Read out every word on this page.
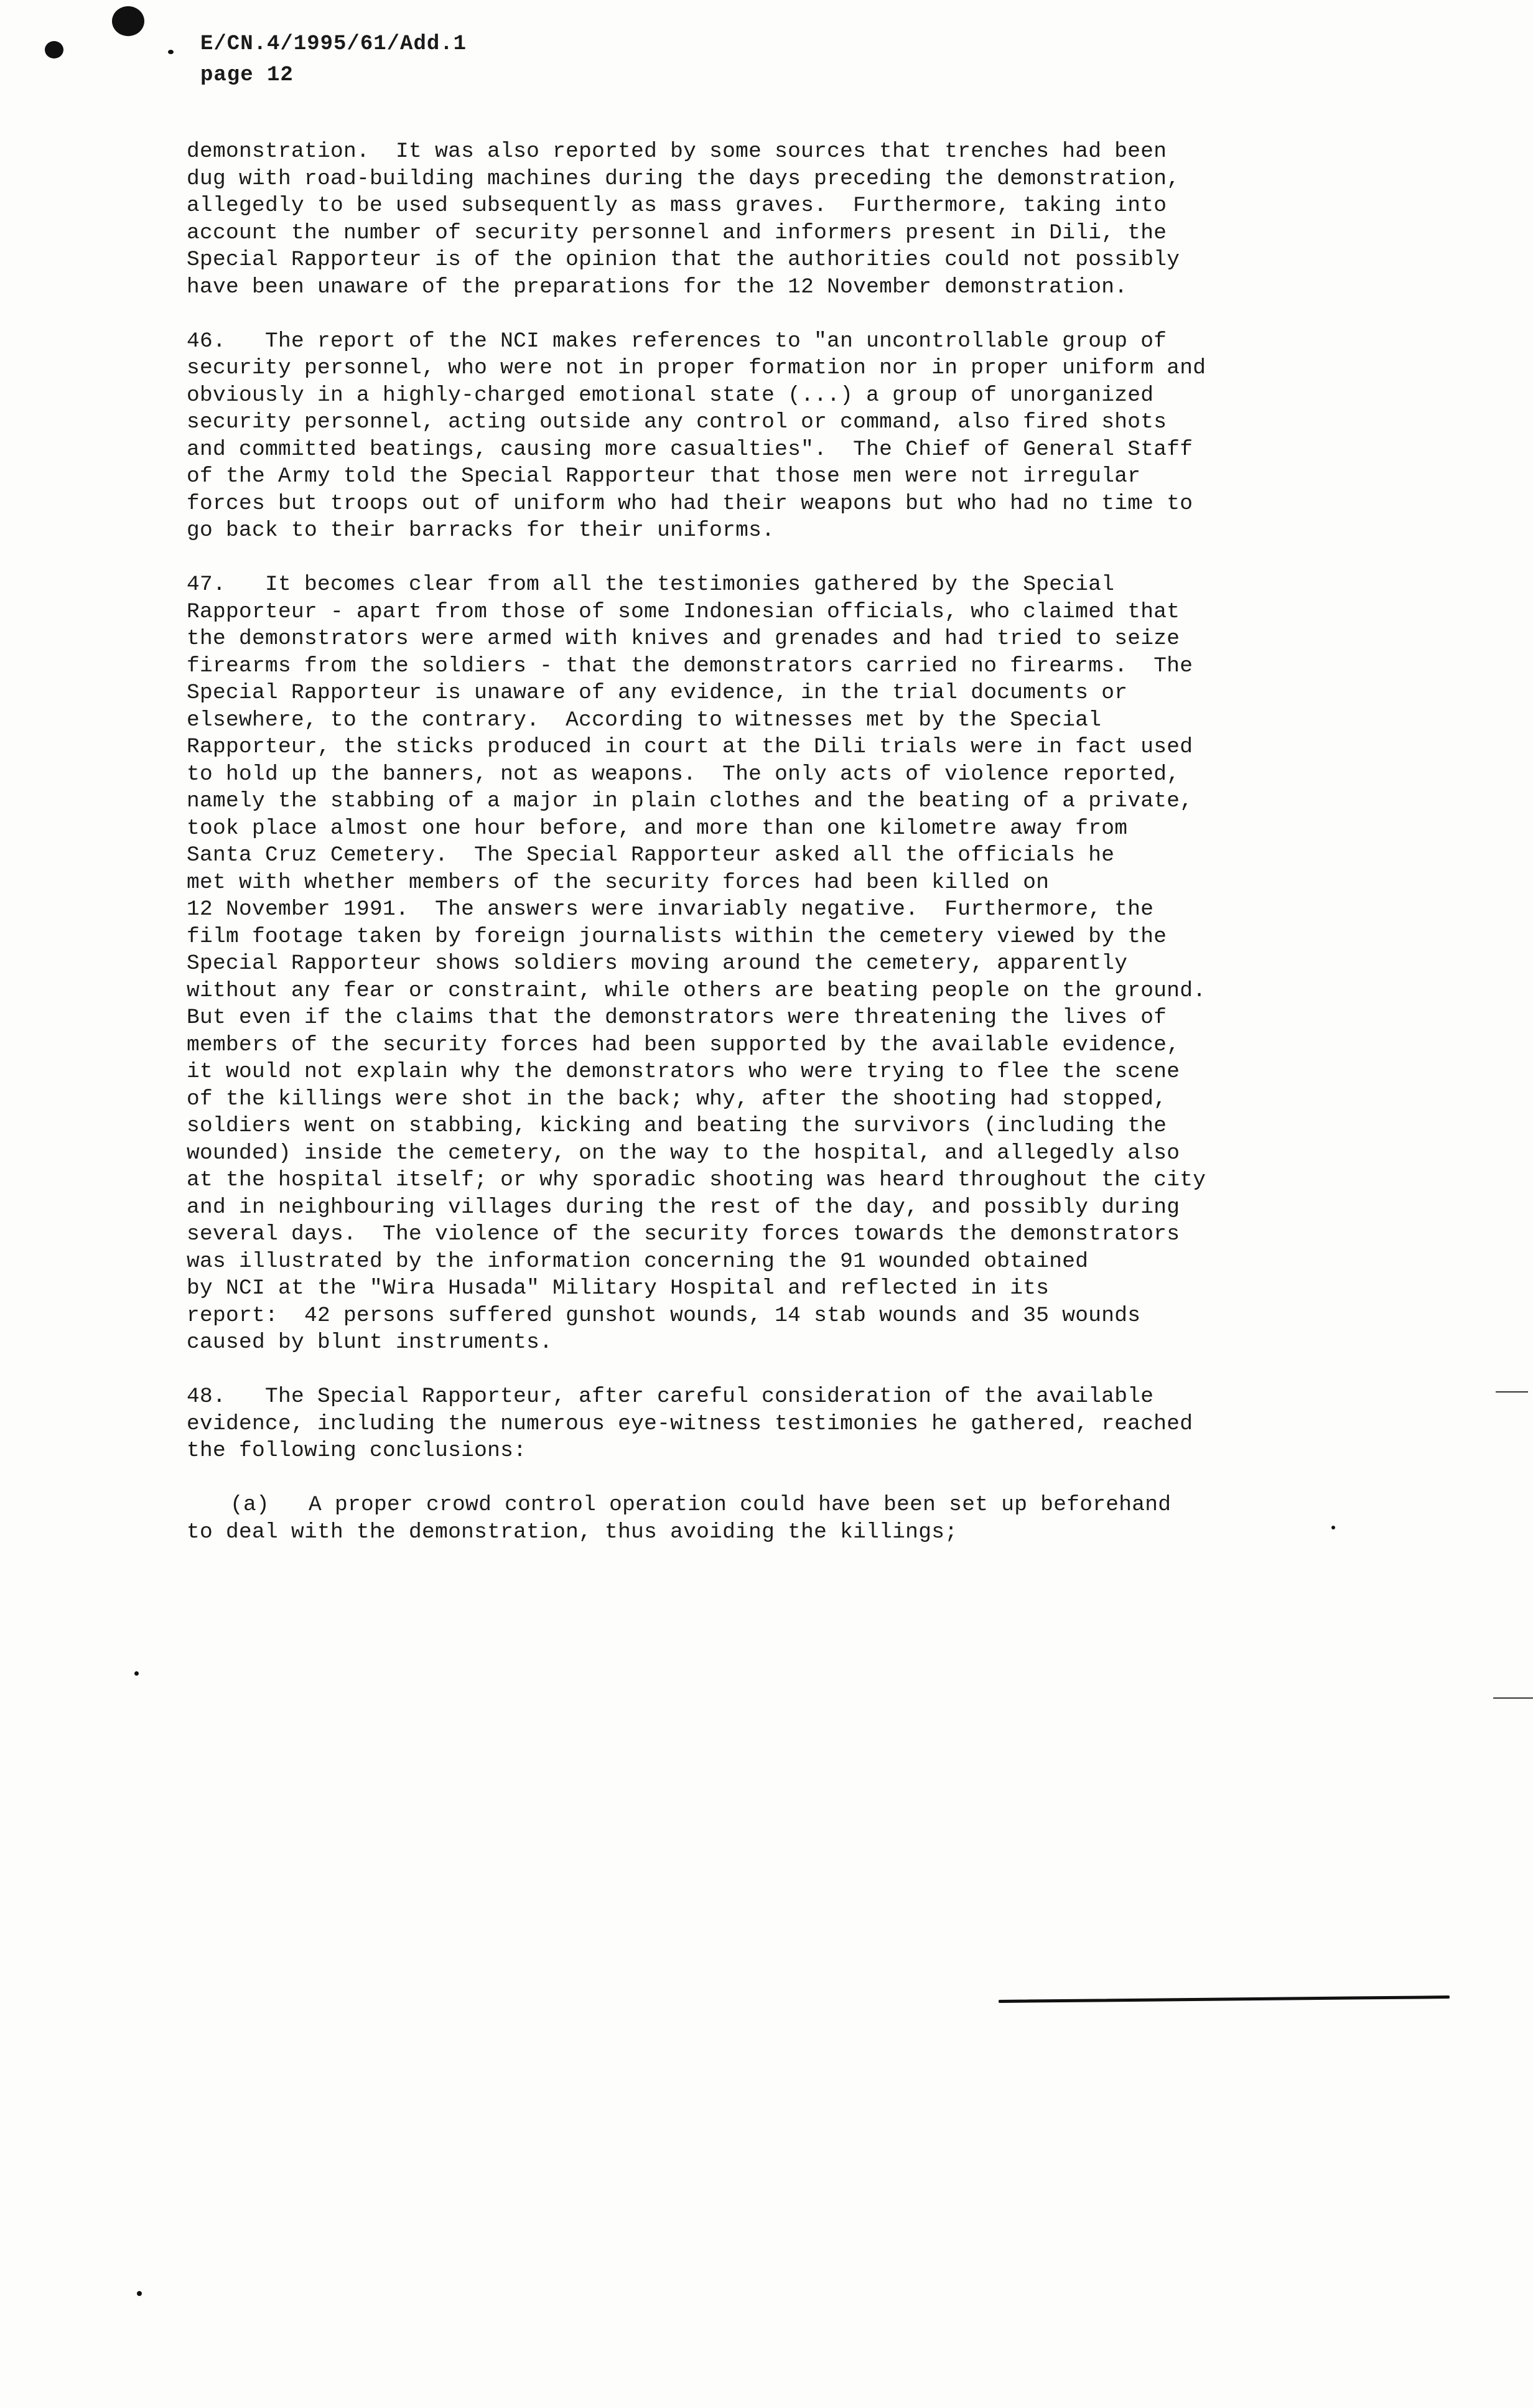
E/CN.4/1995/61/Add.1
page 12
demonstration.  It was also reported by some sources that trenches had been
dug with road-building machines during the days preceding the demonstration,
allegedly to be used subsequently as mass graves.  Furthermore, taking into
account the number of security personnel and informers present in Dili, the
Special Rapporteur is of the opinion that the authorities could not possibly
have been unaware of the preparations for the 12 November demonstration.
46.   The report of the NCI makes references to "an uncontrollable group of
security personnel, who were not in proper formation nor in proper uniform and
obviously in a highly-charged emotional state (...) a group of unorganized
security personnel, acting outside any control or command, also fired shots
and committed beatings, causing more casualties".  The Chief of General Staff
of the Army told the Special Rapporteur that those men were not irregular
forces but troops out of uniform who had their weapons but who had no time to
go back to their barracks for their uniforms.
47.   It becomes clear from all the testimonies gathered by the Special
Rapporteur - apart from those of some Indonesian officials, who claimed that
the demonstrators were armed with knives and grenades and had tried to seize
firearms from the soldiers - that the demonstrators carried no firearms.  The
Special Rapporteur is unaware of any evidence, in the trial documents or
elsewhere, to the contrary.  According to witnesses met by the Special
Rapporteur, the sticks produced in court at the Dili trials were in fact used
to hold up the banners, not as weapons.  The only acts of violence reported,
namely the stabbing of a major in plain clothes and the beating of a private,
took place almost one hour before, and more than one kilometre away from
Santa Cruz Cemetery.  The Special Rapporteur asked all the officials he
met with whether members of the security forces had been killed on
12 November 1991.  The answers were invariably negative.  Furthermore, the
film footage taken by foreign journalists within the cemetery viewed by the
Special Rapporteur shows soldiers moving around the cemetery, apparently
without any fear or constraint, while others are beating people on the ground.
But even if the claims that the demonstrators were threatening the lives of
members of the security forces had been supported by the available evidence,
it would not explain why the demonstrators who were trying to flee the scene
of the killings were shot in the back; why, after the shooting had stopped,
soldiers went on stabbing, kicking and beating the survivors (including the
wounded) inside the cemetery, on the way to the hospital, and allegedly also
at the hospital itself; or why sporadic shooting was heard throughout the city
and in neighbouring villages during the rest of the day, and possibly during
several days.  The violence of the security forces towards the demonstrators
was illustrated by the information concerning the 91 wounded obtained
by NCI at the "Wira Husada" Military Hospital and reflected in its
report:  42 persons suffered gunshot wounds, 14 stab wounds and 35 wounds
caused by blunt instruments.
48.   The Special Rapporteur, after careful consideration of the available
evidence, including the numerous eye-witness testimonies he gathered, reached
the following conclusions:
(a)   A proper crowd control operation could have been set up beforehand
to deal with the demonstration, thus avoiding the killings;
